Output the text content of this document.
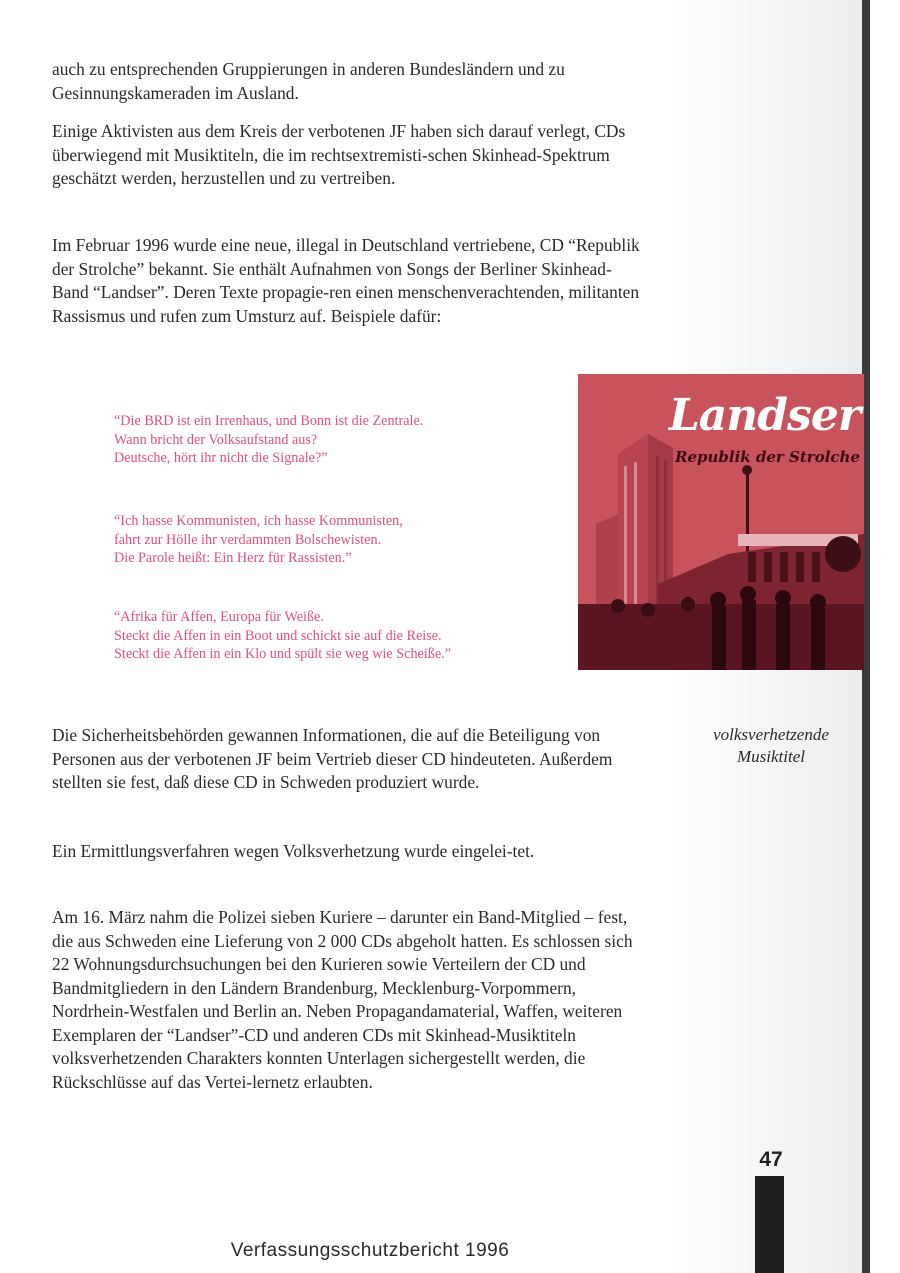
auch zu entsprechenden Gruppierungen in anderen Bundesländern und zu Gesinnungskameraden im Ausland.

Einige Aktivisten aus dem Kreis der verbotenen JF haben sich darauf verlegt, CDs überwiegend mit Musiktiteln, die im rechtsextremisti-schen Skinhead-Spektrum geschätzt werden, herzustellen und zu vertreiben.

Im Februar 1996 wurde eine neue, illegal in Deutschland vertriebene, CD “Republik der Strolche” bekannt. Sie enthält Aufnahmen von Songs der Berliner Skinhead-Band “Landser”. Deren Texte propagie-ren einen menschenverachtenden, militanten Rassismus und rufen zum Umsturz auf. Beispiele dafür:

“Die BRD ist ein Irrenhaus, und Bonn ist die Zentrale.
Wann bricht der Volksaufstand aus?
Deutsche, hört ihr nicht die Signale?”
“Ich hasse Kommunisten, ich hasse Kommunisten,
fahrt zur Hölle ihr verdammten Bolschewisten.
Die Parole heißt: Ein Herz für Rassisten.”
“Afrika für Affen, Europa für Weiße.
Steckt die Affen in ein Boot und schickt sie auf die Reise.
Steckt die Affen in ein Klo und spült sie weg wie Scheiße.”
Landser
Republik der Strolche

Die Sicherheitsbehörden gewannen Informationen, die auf die Beteiligung von Personen aus der verbotenen JF beim Vertrieb dieser CD hindeuteten. Außerdem stellten sie fest, daß diese CD in Schweden produziert wurde.

Ein Ermittlungsverfahren wegen Volksverhetzung wurde eingelei-tet.

Am 16. März nahm die Polizei sieben Kuriere – darunter ein Band-Mitglied – fest, die aus Schweden eine Lieferung von 2 000 CDs abgeholt hatten. Es schlossen sich 22 Wohnungsdurchsuchungen bei den Kurieren sowie Verteilern der CD und Bandmitgliedern in den Ländern Brandenburg, Mecklenburg-Vorpommern, Nordrhein-Westfalen und Berlin an. Neben Propagandamaterial, Waffen, weiteren Exemplaren der “Landser”-CD und anderen CDs mit Skinhead-Musiktiteln volksverhetzenden Charakters konnten Unterlagen sichergestellt werden, die Rückschlüsse auf das Vertei-lernetz erlaubten.

volksverhetzende
Musiktitel
47
Verfassungsschutzbericht 1996
